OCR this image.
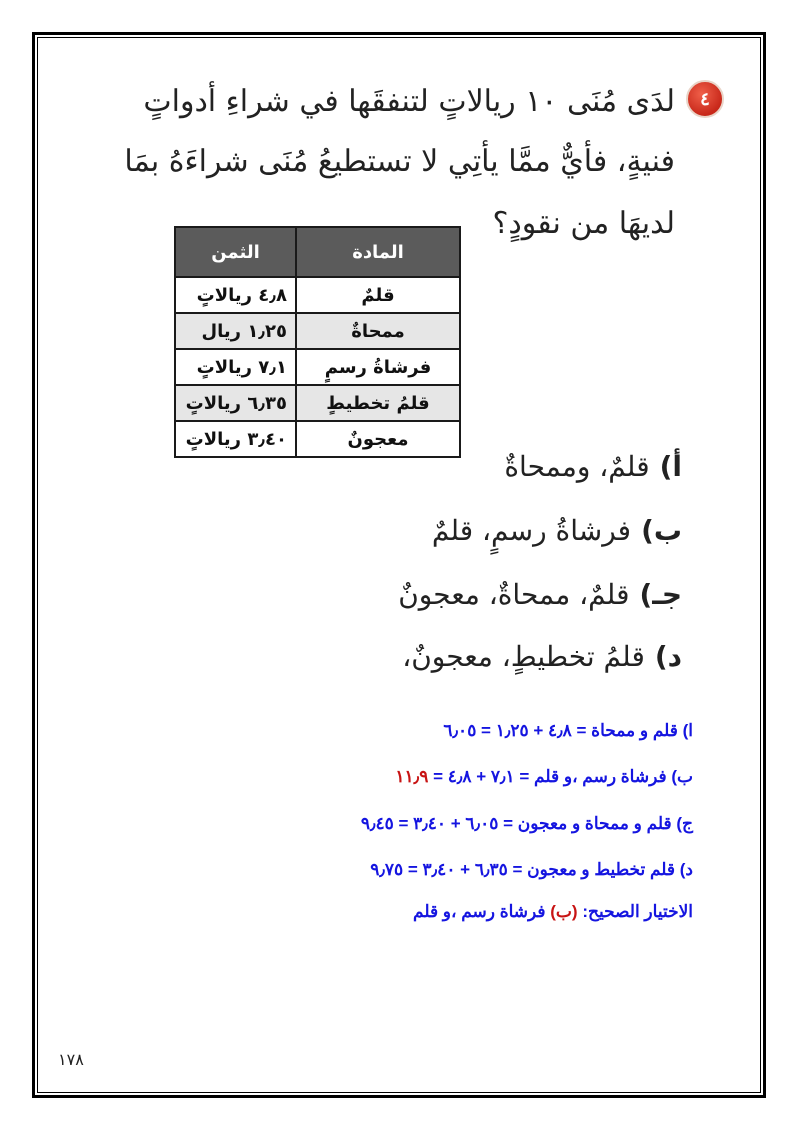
٤
لدَى مُنَى ١٠ ريالاتٍ لتنفقَها في شراءِ أدواتٍ
فنيةٍ، فأيٌّ ممَّا يأتِي لا تستطيعُ مُنَى شراءَهُ بمَا
لديهَا من نقودٍ؟
المادة	الثمن
قلمٌ	٤٫٨ ريالاتٍ
ممحاةٌ	١٫٢٥ ريال
فرشاةُ رسمٍ	٧٫١ ريالاتٍ
قلمُ تخطيطٍ	٦٫٣٥ ريالاتٍ
معجونٌ	٣٫٤٠ ريالاتٍ
أ)قلمٌ، وممحاةٌ
ب)فرشاةُ رسمٍ، قلمٌ
جـ)قلمٌ، ممحاةٌ، معجونٌ
د)قلمُ تخطيطٍ، معجونٌ،
ا) قلم و ممحاة = ٤٫٨ + ١٫٢٥ = ٦٫٠٥
ب) فرشاة رسم ،و قلم = ٧٫١ + ٤٫٨ = ١١٫٩
ج) قلم و ممحاة و معجون = ٦٫٠٥ + ٣٫٤٠ = ٩٫٤٥
د) قلم تخطيط و معجون = ٦٫٣٥ + ٣٫٤٠ = ٩٫٧٥
الاختيار الصحيح: (ب) فرشاة رسم ،و قلم
١٧٨
